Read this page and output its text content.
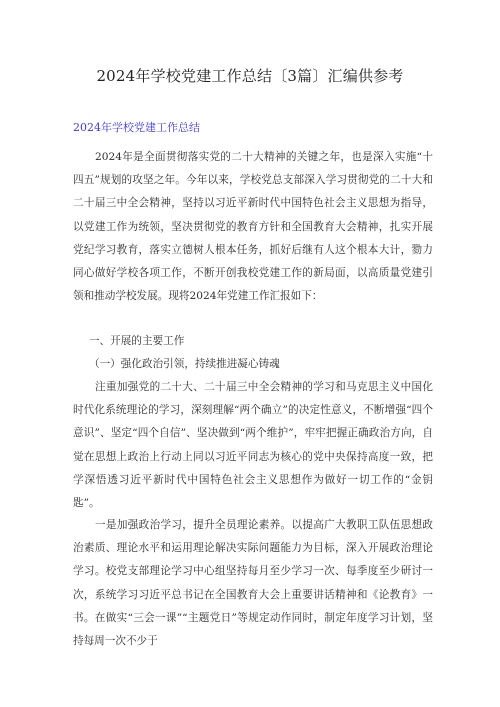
2024年学校党建工作总结〔3篇〕汇编供参考
2024年学校党建工作总结
2024年是全面贯彻落实党的二十大精神的关键之年，也是深入实施“十四五”规划的攻坚之年。今年以来，学校党总支部深入学习贯彻党的二十大和二十届三中全会精神，坚持以习近平新时代中国特色社会主义思想为指导，以党建工作为统领，坚决贯彻党的教育方针和全国教育大会精神，扎实开展党纪学习教育，落实立德树人根本任务，抓好后继有人这个根本大计，勠力同心做好学校各项工作，不断开创我校党建工作的新局面，以高质量党建引领和推动学校发展。现将2024年党建工作汇报如下：
一、开展的主要工作
（一）强化政治引领，持续推进凝心铸魂
注重加强党的二十大、二十届三中全会精神的学习和马克思主义中国化时代化系统理论的学习，深刻理解“两个确立”的决定性意义，不断增强“四个意识”、坚定“四个自信”、坚决做到“两个维护”，牢牢把握正确政治方向，自觉在思想上政治上行动上同以习近平同志为核心的党中央保持高度一致，把学深悟透习近平新时代中国特色社会主义思想作为做好一切工作的“金钥匙”。
一是加强政治学习，提升全员理论素养。以提高广大教职工队伍思想政治素质、理论水平和运用理论解决实际问题能力为目标，深入开展政治理论学习。校党支部理论学习中心组坚持每月至少学习一次、每季度至少研讨一次，系统学习习近平总书记在全国教育大会上重要讲话精神和《论教育》一书。在做实“三会一课”“主题党日”等规定动作同时，制定年度学习计划，坚持每周一次不少于
